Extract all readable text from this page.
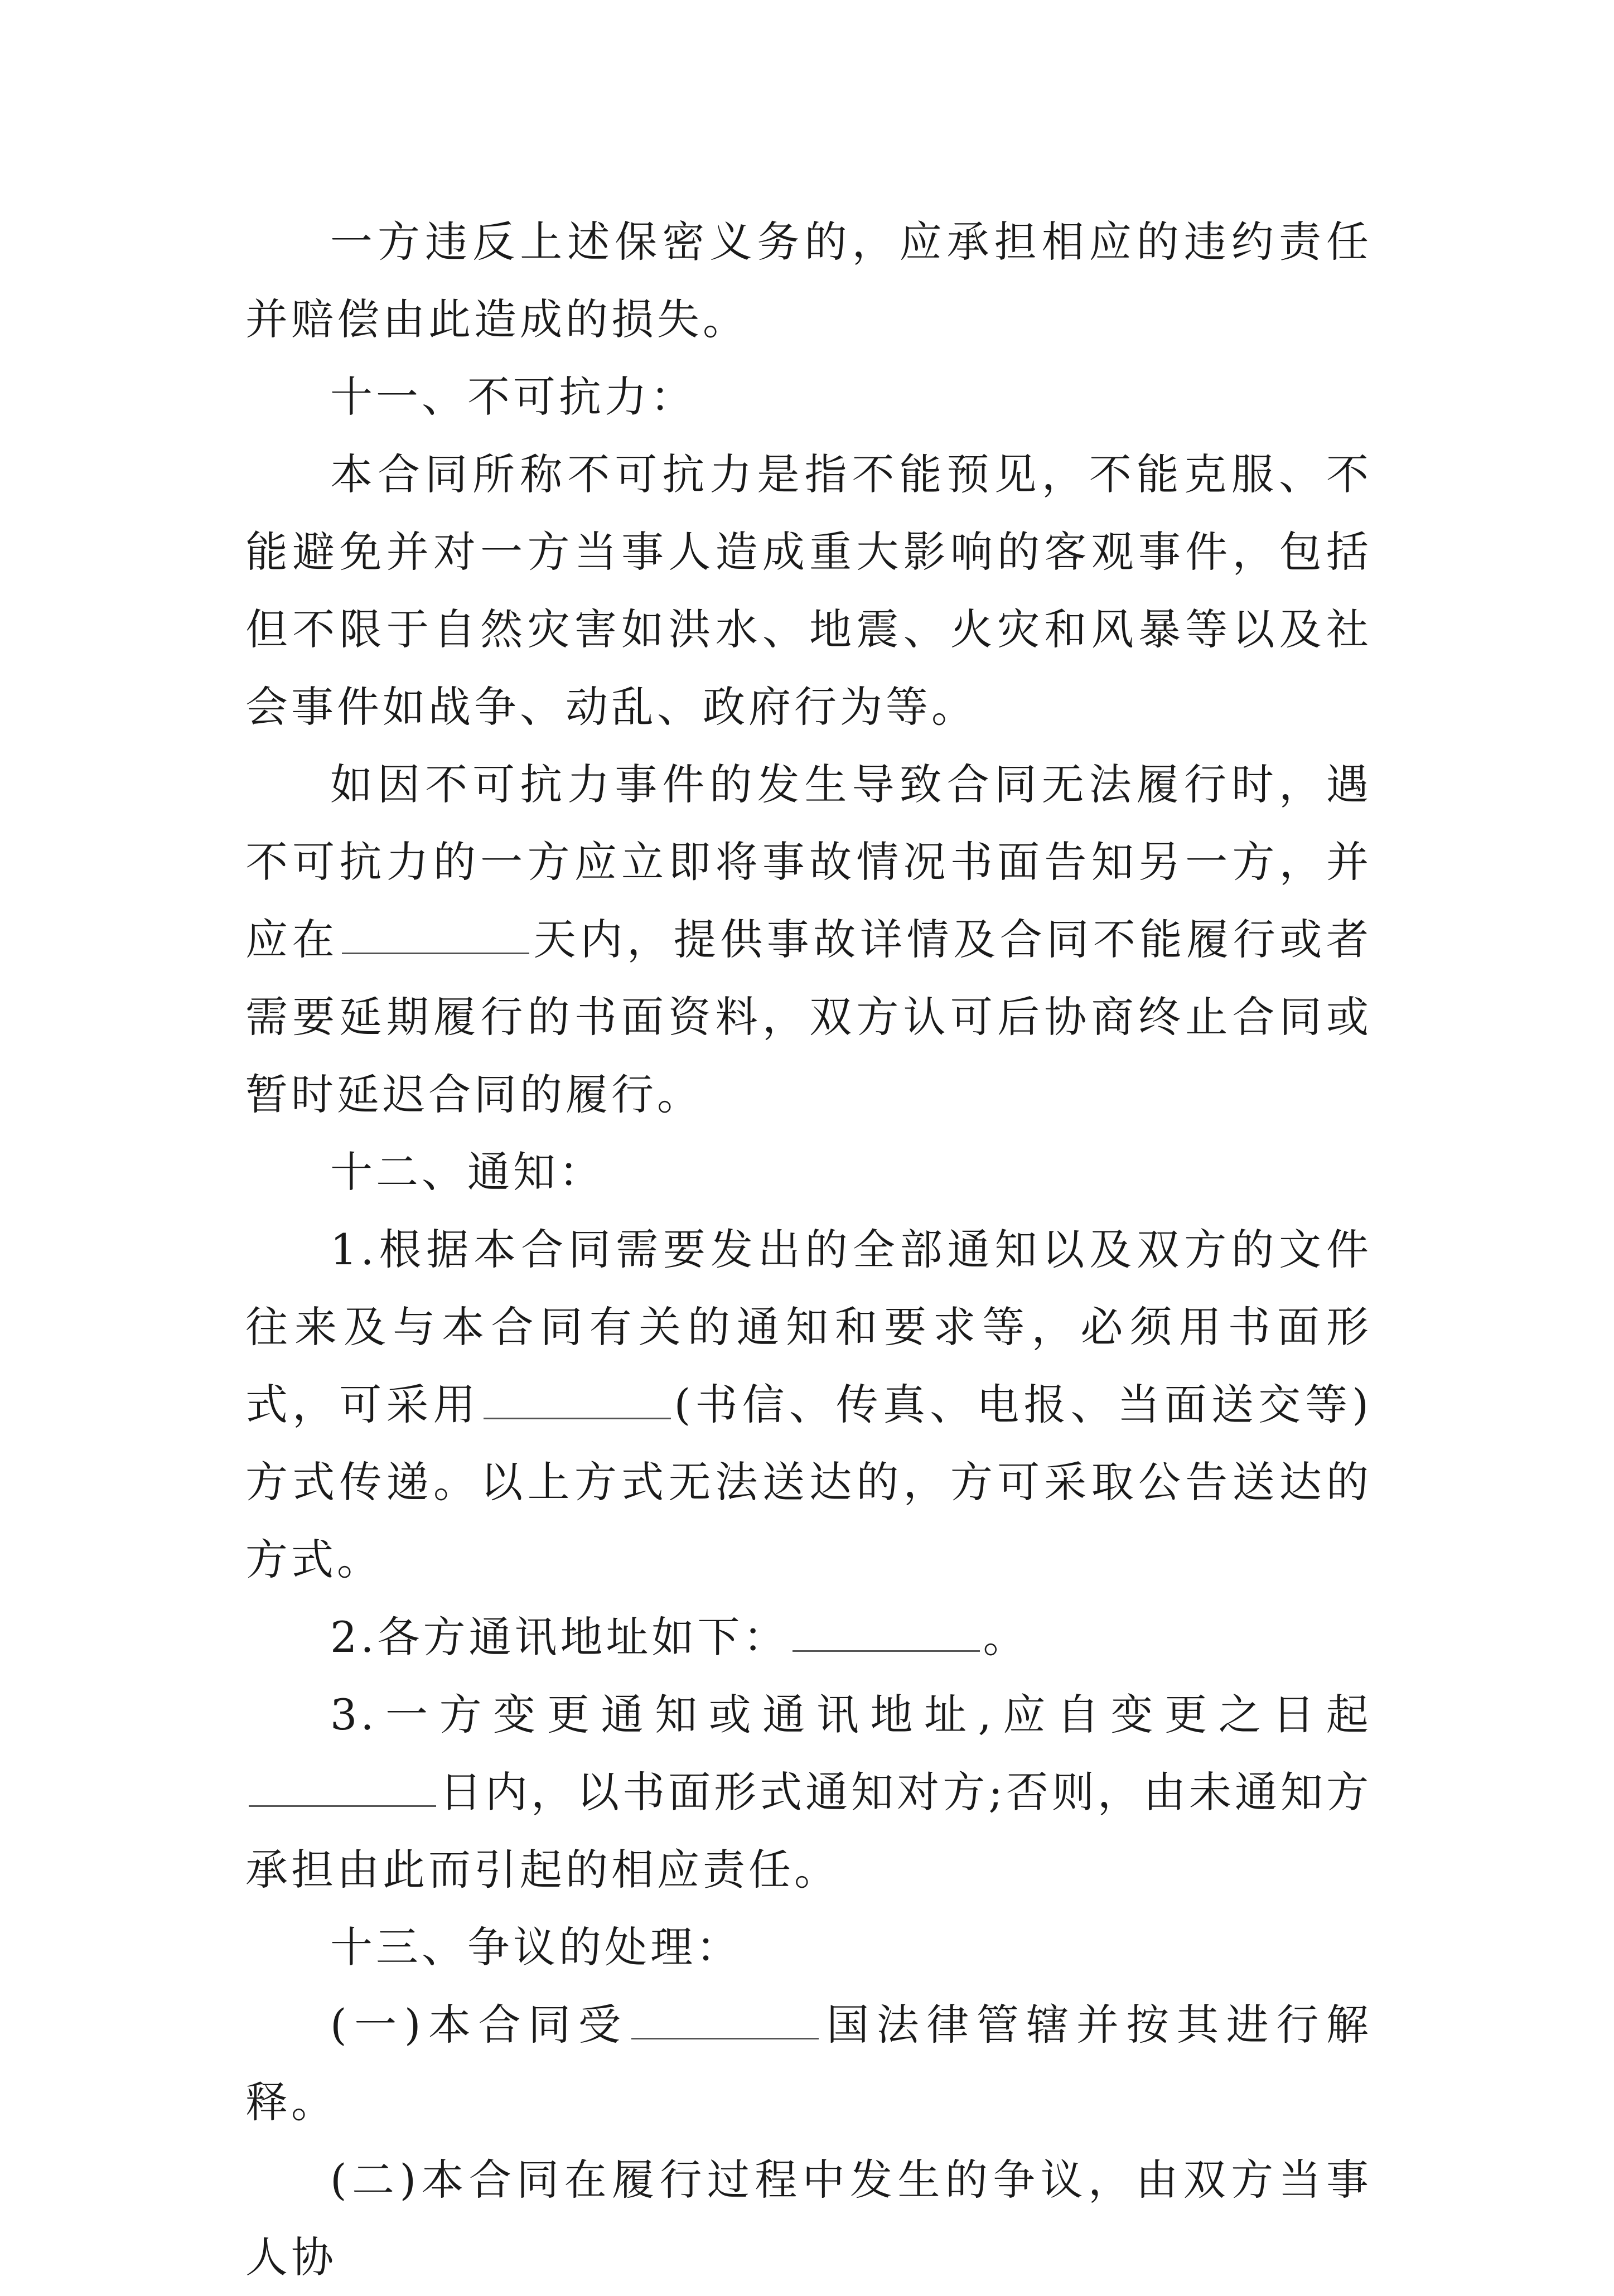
一方违反上述保密义务的，应承担相应的违约责任并赔偿由此造成的损失。

十一、不可抗力：

本合同所称不可抗力是指不能预见，不能克服、不能避免并对一方当事人造成重大影响的客观事件，包括但不限于自然灾害如洪水、地震、火灾和风暴等以及社会事件如战争、动乱、政府行为等。

如因不可抗力事件的发生导致合同无法履行时，遇不可抗力的一方应立即将事故情况书面告知另一方，并应在	天内，提供事故详情及合同不能履行或者需要延期履行的书面资料，双方认可后协商终止合同或暂时延迟合同的履行。

十二、通知：

1.根据本合同需要发出的全部通知以及双方的文件往来及与本合同有关的通知和要求等，必须用书面形式，可采用	(书信、传真、电报、当面送交等)方式传递。以上方式无法送达的，方可采取公告送达的方式。

2.各方通讯地址如下：	。

3.一方变更通知或通讯地址,应自变更之日起日内，以书面形式通知对方;否则，由未通知方承担由此而引起的相应责任。

十三、争议的处理：

(一)本合同受	国法律管辖并按其进行解释。

(二)本合同在履行过程中发生的争议，由双方当事人协
